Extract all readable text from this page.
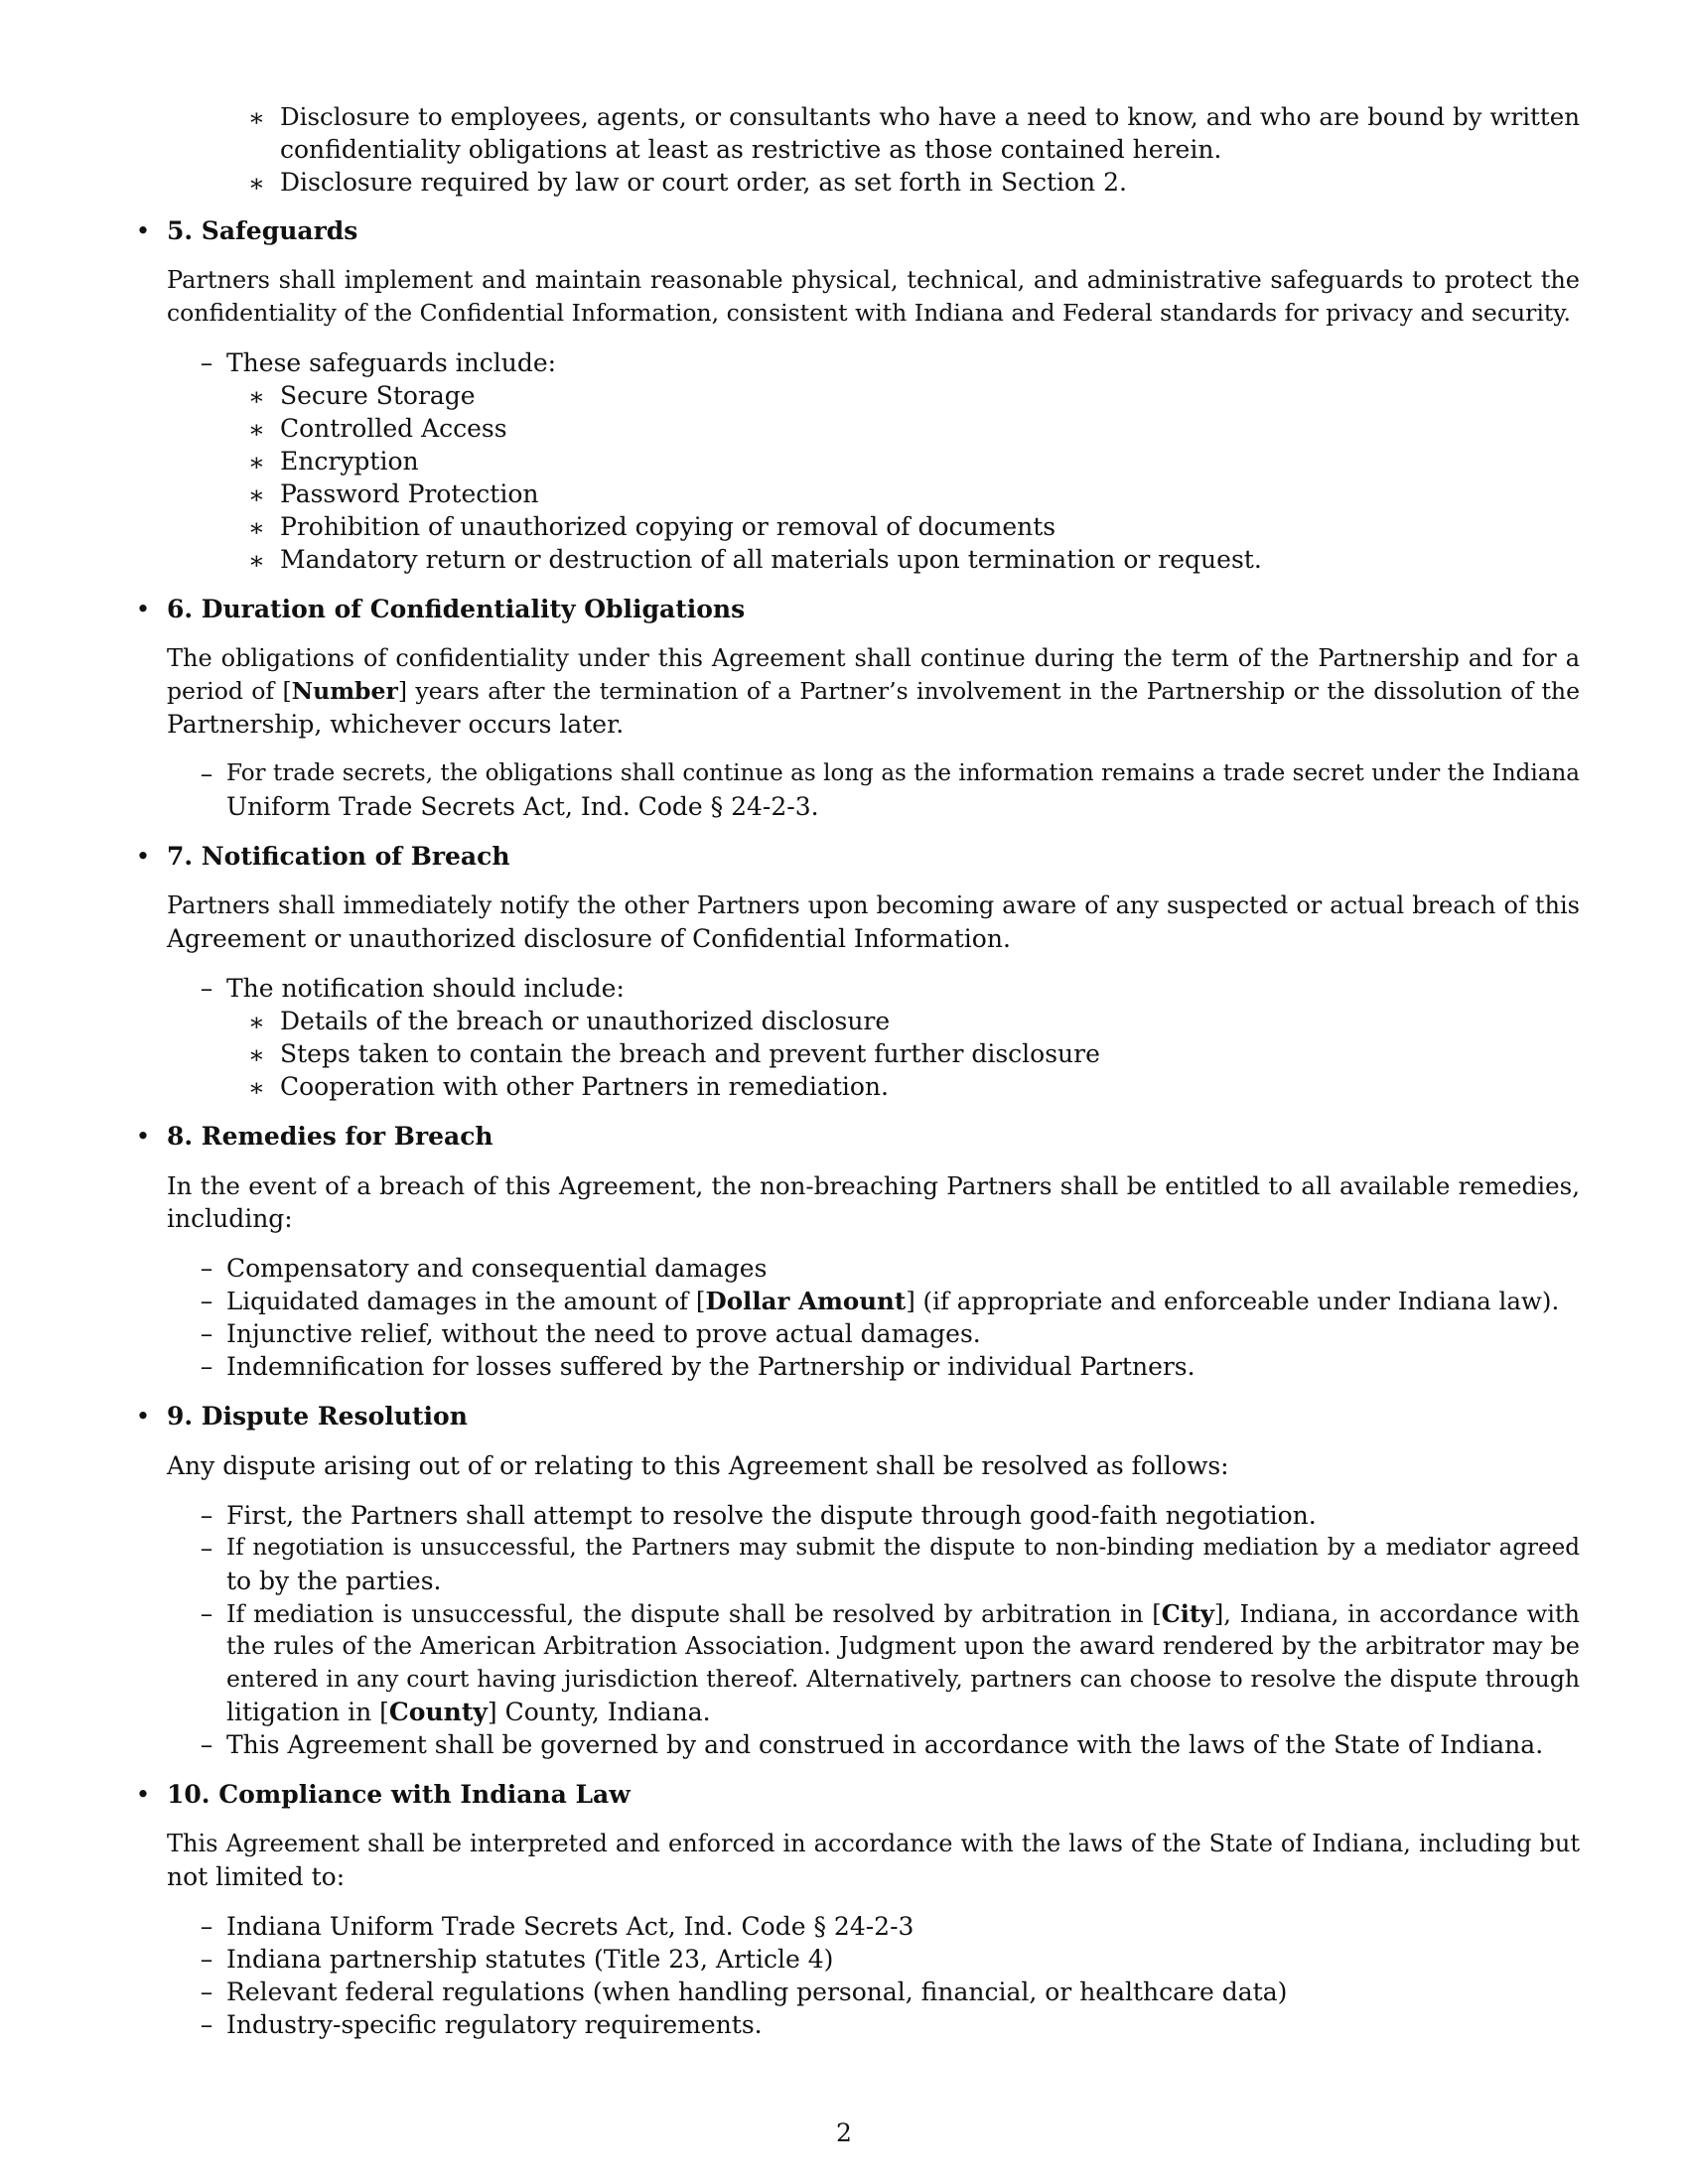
∗ Disclosure to employees, agents, or consultants who have a need to know, and who are bound by written
confidentiality obligations at least as restrictive as those contained herein.
∗ Disclosure required by law or court order, as set forth in Section 2.
• 5. Safeguards
Partners shall implement and maintain reasonable physical, technical, and administrative safeguards to protect the
confidentiality of the Confidential Information, consistent with Indiana and Federal standards for privacy and security.
– These safeguards include:
∗ Secure Storage
∗ Controlled Access
∗ Encryption
∗ Password Protection
∗ Prohibition of unauthorized copying or removal of documents
∗ Mandatory return or destruction of all materials upon termination or request.
• 6. Duration of Confidentiality Obligations
The obligations of confidentiality under this Agreement shall continue during the term of the Partnership and for a
period of [Number] years after the termination of a Partner’s involvement in the Partnership or the dissolution of the
Partnership, whichever occurs later.
– For trade secrets, the obligations shall continue as long as the information remains a trade secret under the Indiana
Uniform Trade Secrets Act, Ind. Code § 24-2-3.
• 7. Notification of Breach
Partners shall immediately notify the other Partners upon becoming aware of any suspected or actual breach of this
Agreement or unauthorized disclosure of Confidential Information.
– The notification should include:
∗ Details of the breach or unauthorized disclosure
∗ Steps taken to contain the breach and prevent further disclosure
∗ Cooperation with other Partners in remediation.
• 8. Remedies for Breach
In the event of a breach of this Agreement, the non-breaching Partners shall be entitled to all available remedies,
including:
– Compensatory and consequential damages
– Liquidated damages in the amount of [Dollar Amount] (if appropriate and enforceable under Indiana law).
– Injunctive relief, without the need to prove actual damages.
– Indemnification for losses suffered by the Partnership or individual Partners.
• 9. Dispute Resolution
Any dispute arising out of or relating to this Agreement shall be resolved as follows:
– First, the Partners shall attempt to resolve the dispute through good-faith negotiation.
– If negotiation is unsuccessful, the Partners may submit the dispute to non-binding mediation by a mediator agreed
to by the parties.
– If mediation is unsuccessful, the dispute shall be resolved by arbitration in [City], Indiana, in accordance with
the rules of the American Arbitration Association. Judgment upon the award rendered by the arbitrator may be
entered in any court having jurisdiction thereof. Alternatively, partners can choose to resolve the dispute through
litigation in [County] County, Indiana.
– This Agreement shall be governed by and construed in accordance with the laws of the State of Indiana.
• 10. Compliance with Indiana Law
This Agreement shall be interpreted and enforced in accordance with the laws of the State of Indiana, including but
not limited to:
– Indiana Uniform Trade Secrets Act, Ind. Code § 24-2-3
– Indiana partnership statutes (Title 23, Article 4)
– Relevant federal regulations (when handling personal, financial, or healthcare data)
– Industry-specific regulatory requirements.
2
